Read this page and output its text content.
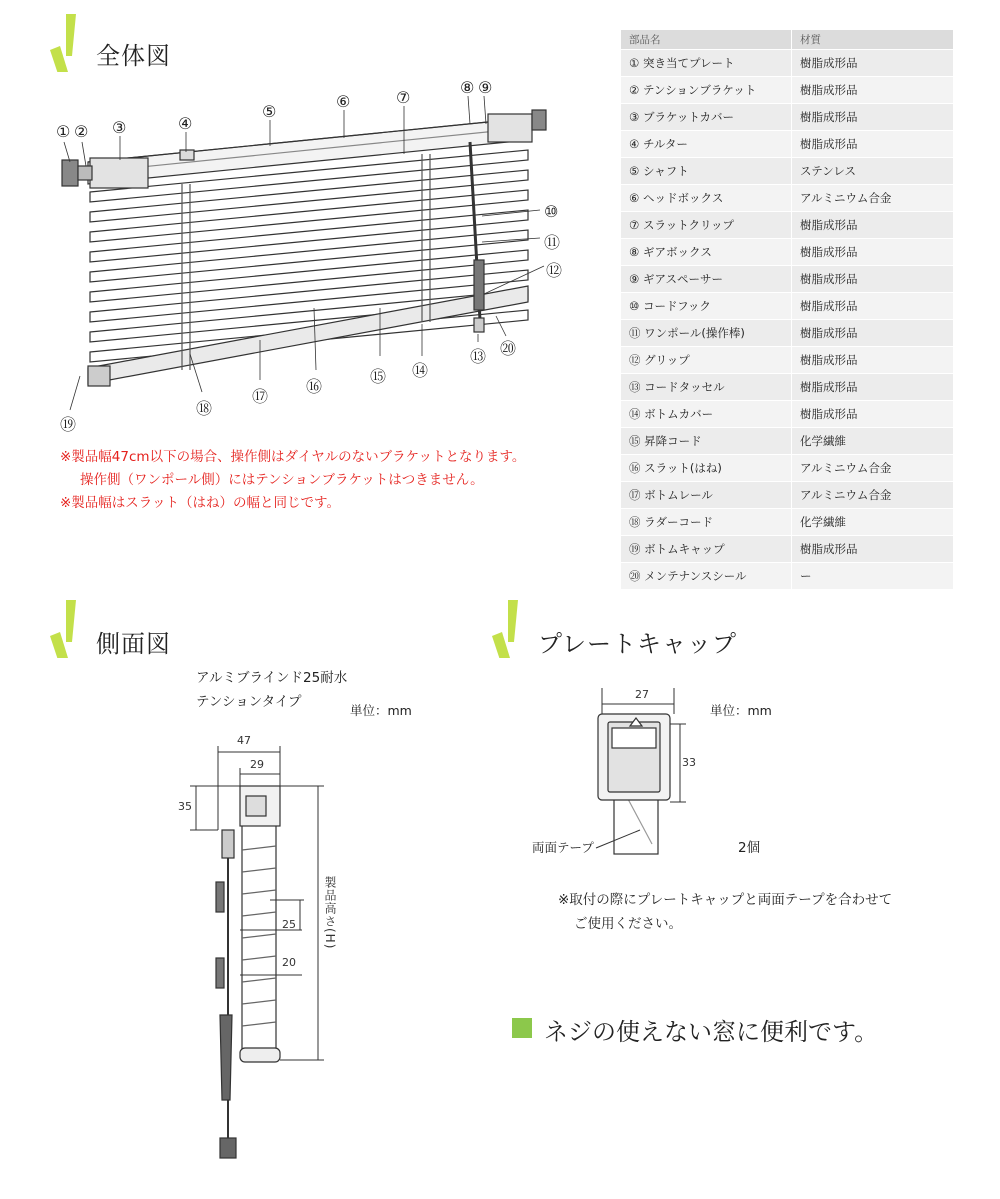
全体図
① ② ③	④
⑤
⑥	⑦
⑧ ⑨
⑩
⑪
⑫
⑬
⑭
⑮
⑯
⑰
⑱
⑲
⑳
※製品幅47cm以下の場合、操作側はダイヤルのないブラケットとなります。
操作側（ワンポール側）にはテンションブラケットはつきません。
※製品幅はスラット（はね）の幅と同じです。
部品名	材質
① 突き当てプレート	樹脂成形品
② テンションブラケット	樹脂成形品
③ ブラケットカバー	樹脂成形品
④ チルター	樹脂成形品
⑤ シャフト	ステンレス
⑥ ヘッドボックス	アルミニウム合金
⑦ スラットクリップ	樹脂成形品
⑧ ギアボックス	樹脂成形品
⑨ ギアスペーサー	樹脂成形品
⑩ コードフック	樹脂成形品
⑪ ワンポール(操作棒)	樹脂成形品
⑫ グリップ	樹脂成形品
⑬ コードタッセル	樹脂成形品
⑭ ボトムカバー	樹脂成形品
⑮ 昇降コード	化学繊維
⑯ スラット(はね)	アルミニウム合金
⑰ ボトムレール	アルミニウム合金
⑱ ラダーコード	化学繊維
⑲ ボトムキャップ	樹脂成形品
⑳ メンテナンスシール	ー
側面図
アルミブラインド25耐水
テンションタイプ
単位：mm
47
29
35
25
20
製品高さ(H)
プレートキャップ
単位：mm
27
33
両面テープ	2個
※取付の際にプレートキャップと両面テープを合わせて
ご使用ください。
ネジの使えない窓に便利です。
